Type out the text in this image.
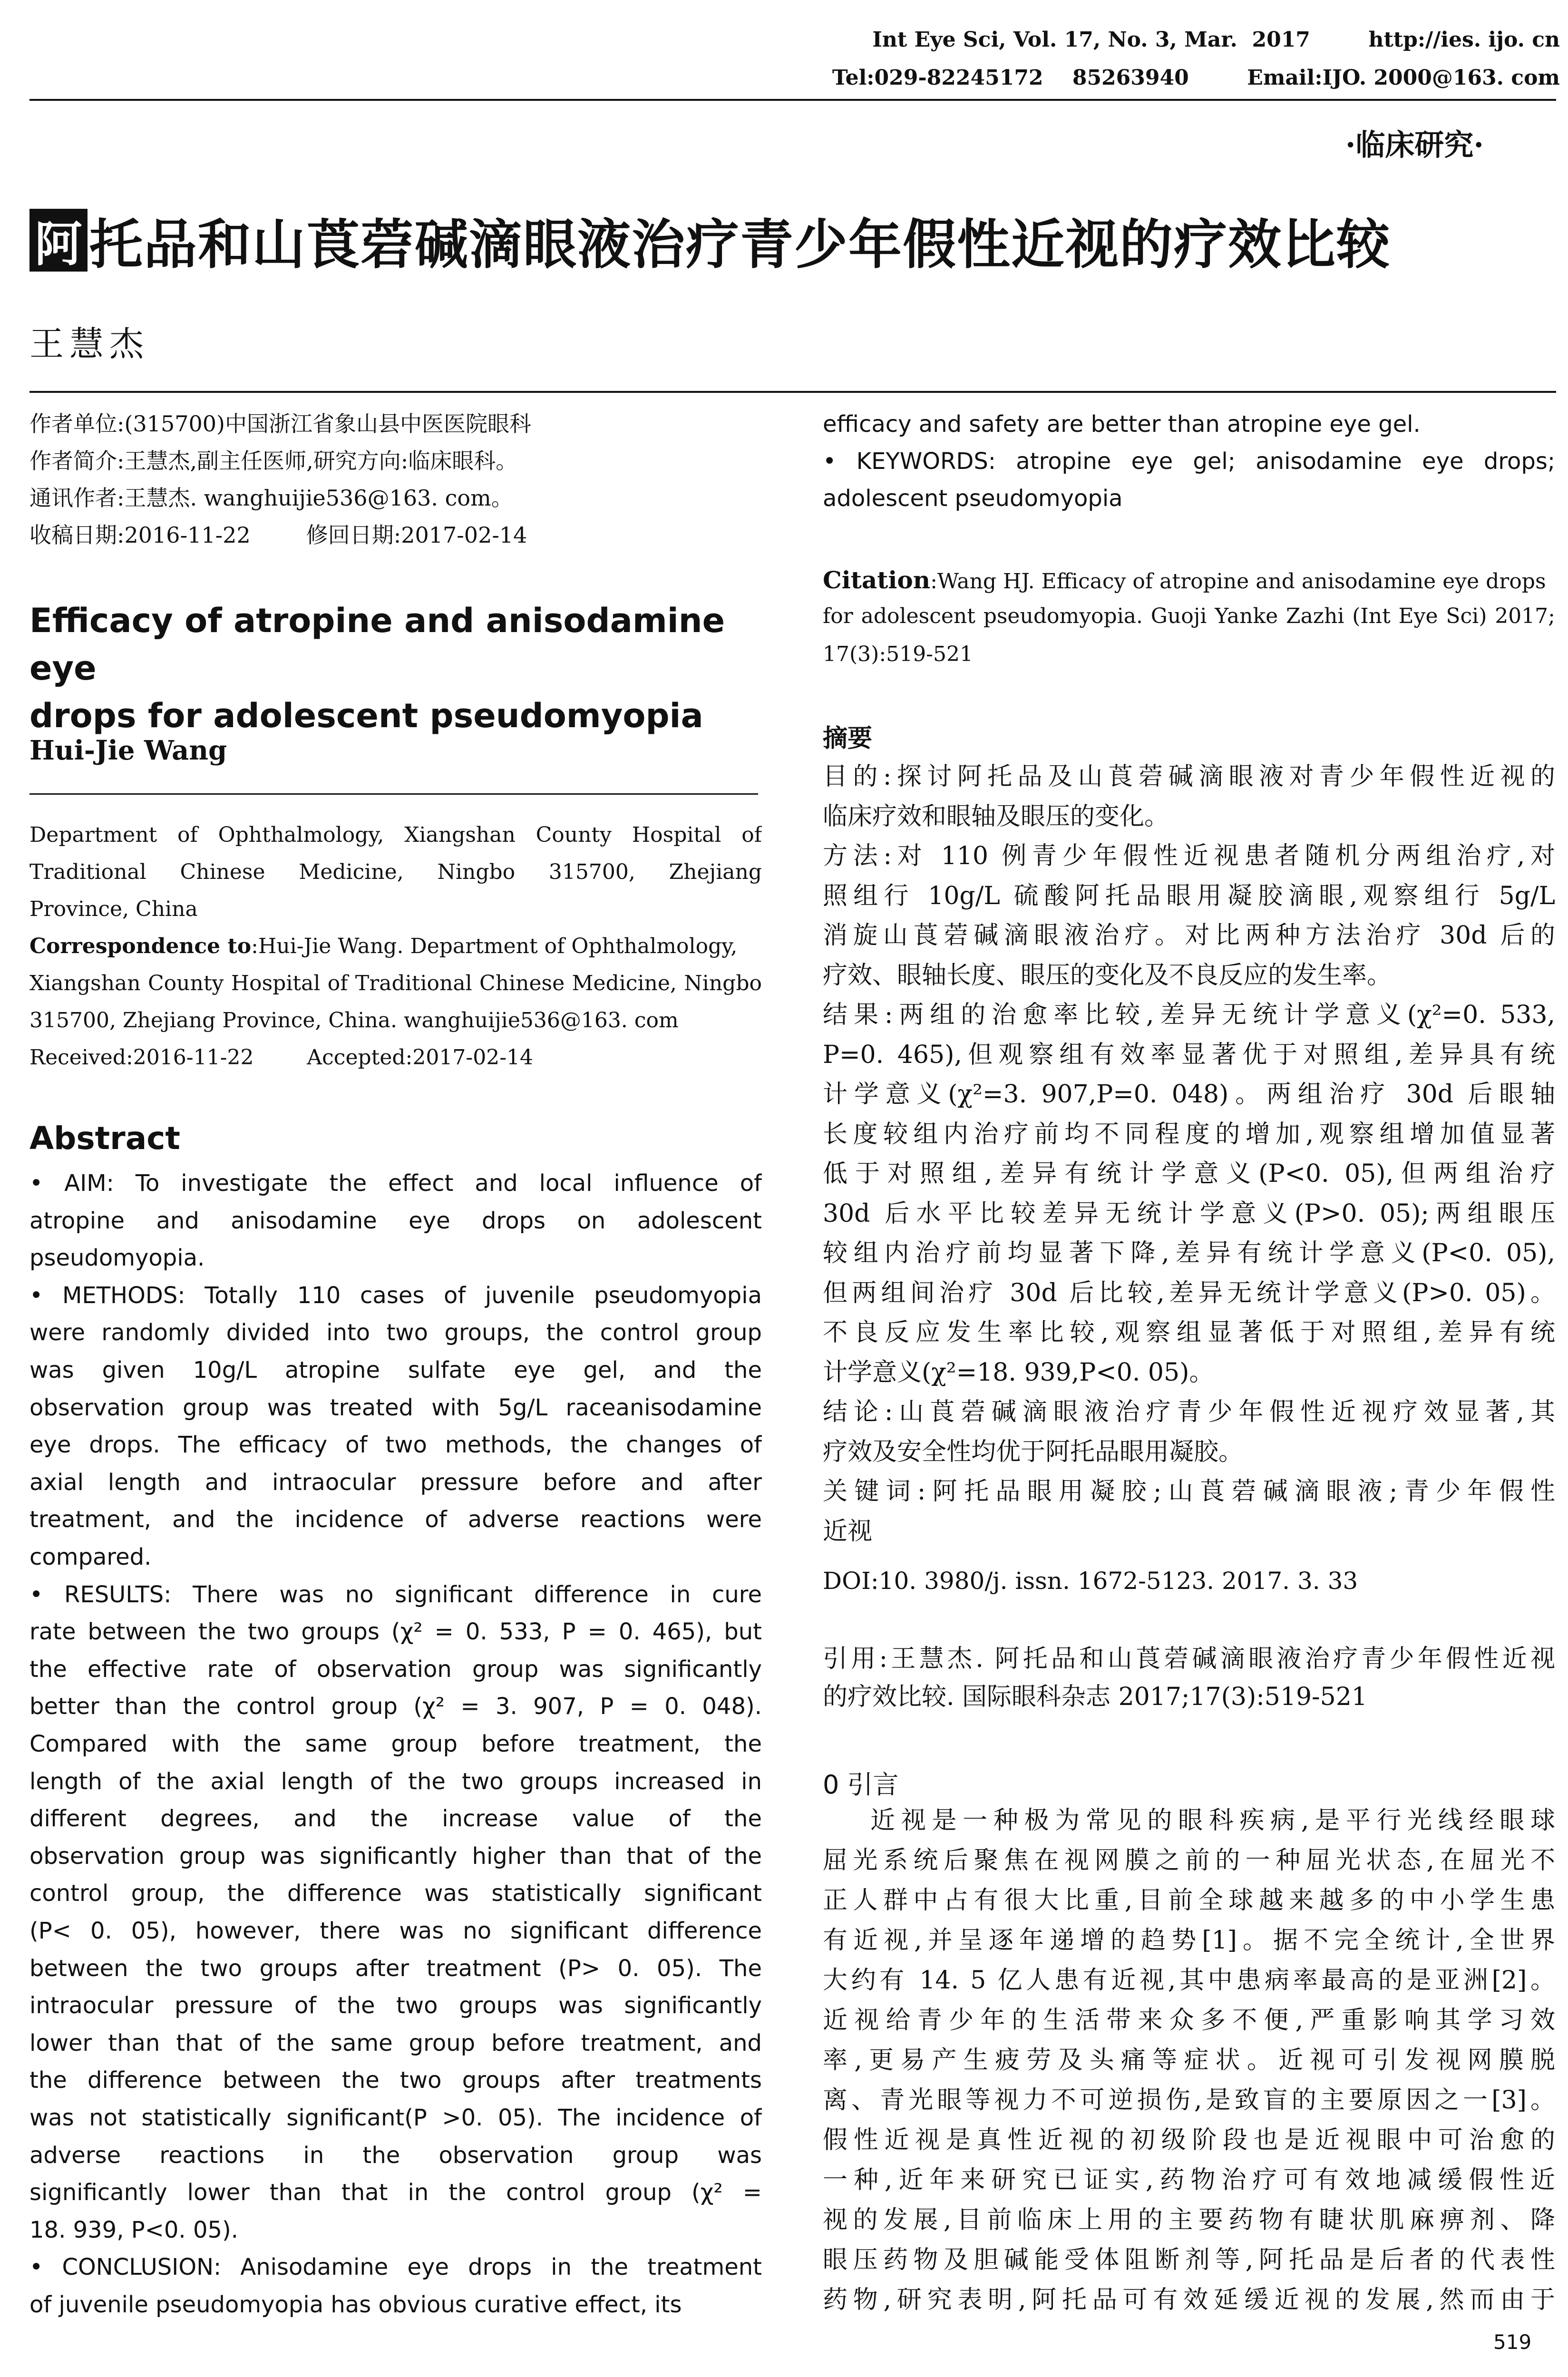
Int Eye Sci, Vol. 17, No. 3, Mar.  2017        http://ies. ijo. cn
Tel:029-82245172    85263940        Email:IJO. 2000@163. com
·临床研究·
阿 托品和山莨菪碱滴眼液治疗青少年假性近视的疗效比较
王慧杰
作者单位:(315700)中国浙江省象山县中医医院眼科
作者简介:王慧杰,副主任医师,研究方向:临床眼科。
通讯作者:王慧杰. wanghuijie536@163. com。
收稿日期:2016-11-22        修回日期:2017-02-14
Efficacy of atropine and anisodamine eye
drops for adolescent pseudomyopia
Hui-Jie Wang
Department of Ophthalmology, Xiangshan County Hospital of
Traditional Chinese Medicine, Ningbo 315700, Zhejiang
Province, China
Correspondence to:Hui-Jie Wang. Department of Ophthalmology,
Xiangshan County Hospital of Traditional Chinese Medicine, Ningbo
315700, Zhejiang Province, China. wanghuijie536@163. com
Received:2016-11-22        Accepted:2017-02-14
Abstract
• AIM: To investigate the effect and local influence of
atropine and anisodamine eye drops on adolescent
pseudomyopia.
• METHODS: Totally 110 cases of juvenile pseudomyopia
were randomly divided into two groups, the control group
was given 10g/L atropine sulfate eye gel, and the
observation group was treated with 5g/L raceanisodamine
eye drops. The efficacy of two methods, the changes of
axial length and intraocular pressure before and after
treatment, and the incidence of adverse reactions were
compared.
• RESULTS: There was no significant difference in cure
rate between the two groups (χ² = 0. 533, P = 0. 465), but
the effective rate of observation group was significantly
better than the control group (χ² = 3. 907, P = 0. 048).
Compared with the same group before treatment, the
length of the axial length of the two groups increased in
different degrees, and the increase value of the
observation group was significantly higher than that of the
control group, the difference was statistically significant
(P< 0. 05), however, there was no significant difference
between the two groups after treatment (P> 0. 05). The
intraocular pressure of the two groups was significantly
lower than that of the same group before treatment, and
the difference between the two groups after treatments
was not statistically significant(P >0. 05). The incidence of
adverse reactions in the observation group was
significantly lower than that in the control group (χ² =
18. 939, P<0. 05).
• CONCLUSION: Anisodamine eye drops in the treatment
of juvenile pseudomyopia has obvious curative effect, its
efficacy and safety are better than atropine eye gel.
• KEYWORDS: atropine eye gel; anisodamine eye drops;
adolescent pseudomyopia
Citation:Wang HJ. Efficacy of atropine and anisodamine eye drops
for adolescent pseudomyopia. Guoji Yanke Zazhi (Int Eye Sci) 2017;
17(3):519-521
摘要
目的:探讨阿托品及山莨菪碱滴眼液对青少年假性近视的
临床疗效和眼轴及眼压的变化。
方法:对 110 例青少年假性近视患者随机分两组治疗,对
照组行 10g/L 硫酸阿托品眼用凝胶滴眼,观察组行 5g/L
消旋山莨菪碱滴眼液治疗。对比两种方法治疗 30d 后的
疗效、眼轴长度、眼压的变化及不良反应的发生率。
结果:两组的治愈率比较,差异无统计学意义(χ²=0. 533,
P=0. 465),但观察组有效率显著优于对照组,差异具有统
计学意义(χ²=3. 907,P=0. 048)。两组治疗 30d 后眼轴
长度较组内治疗前均不同程度的增加,观察组增加值显著
低于对照组,差异有统计学意义(P<0. 05),但两组治疗
30d 后水平比较差异无统计学意义(P>0. 05);两组眼压
较组内治疗前均显著下降,差异有统计学意义(P<0. 05),
但两组间治疗 30d 后比较,差异无统计学意义(P>0. 05)。
不良反应发生率比较,观察组显著低于对照组,差异有统
计学意义(χ²=18. 939,P<0. 05)。
结论:山莨菪碱滴眼液治疗青少年假性近视疗效显著,其
疗效及安全性均优于阿托品眼用凝胶。
关键词:阿托品眼用凝胶;山莨菪碱滴眼液;青少年假性
近视
DOI:10. 3980/j. issn. 1672-5123. 2017. 3. 33
引用:王慧杰. 阿托品和山莨菪碱滴眼液治疗青少年假性近视
的疗效比较. 国际眼科杂志 2017;17(3):519-521
0 引言
近视是一种极为常见的眼科疾病,是平行光线经眼球
屈光系统后聚焦在视网膜之前的一种屈光状态,在屈光不
正人群中占有很大比重,目前全球越来越多的中小学生患
有近视,并呈逐年递增的趋势[1]。据不完全统计,全世界
大约有 14. 5 亿人患有近视,其中患病率最高的是亚洲[2]。
近视给青少年的生活带来众多不便,严重影响其学习效
率,更易产生疲劳及头痛等症状。近视可引发视网膜脱
离、青光眼等视力不可逆损伤,是致盲的主要原因之一[3]。
假性近视是真性近视的初级阶段也是近视眼中可治愈的
一种,近年来研究已证实,药物治疗可有效地减缓假性近
视的发展,目前临床上用的主要药物有睫状肌麻痹剂、降
眼压药物及胆碱能受体阻断剂等,阿托品是后者的代表性
药物,研究表明,阿托品可有效延缓近视的发展,然而由于
519
